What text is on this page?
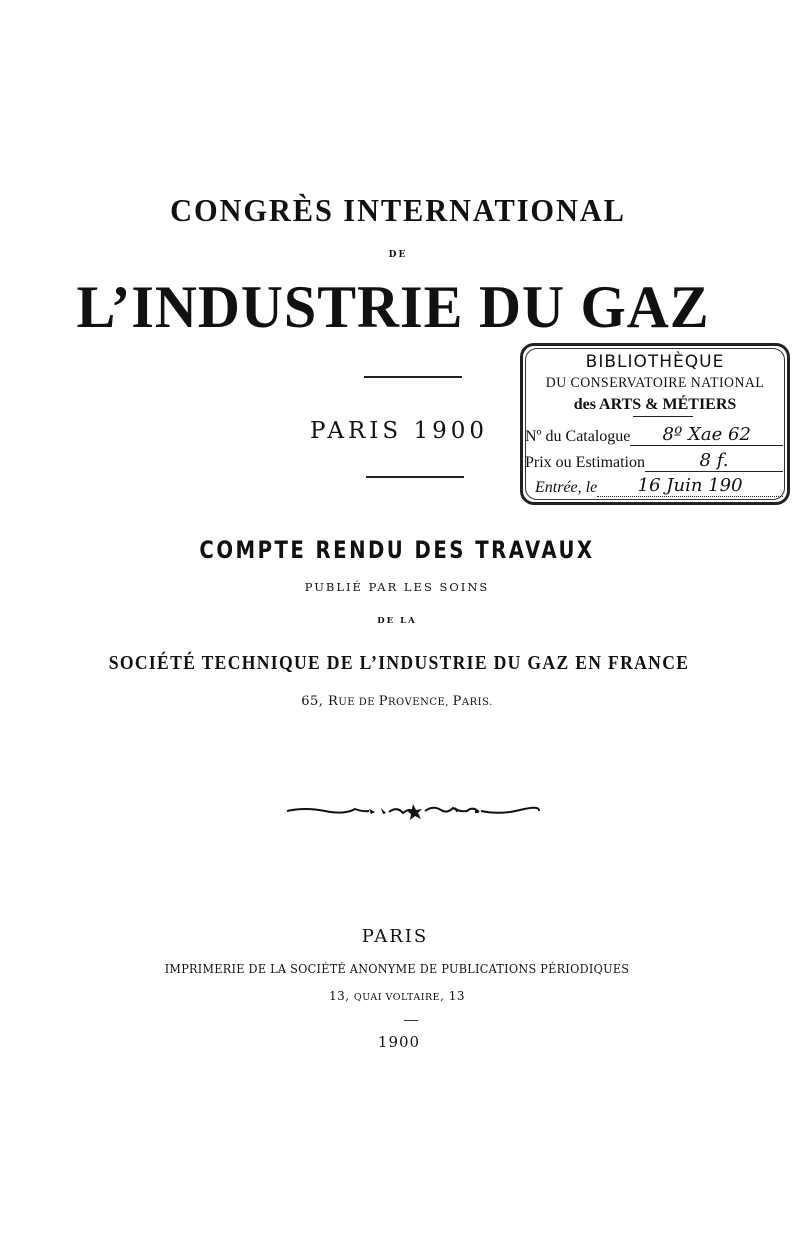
CONGRÈS INTERNATIONAL
DE
L’INDUSTRIE DU GAZ
PARIS 1900
BIBLIOTHÈQUE
DU CONSERVATOIRE NATIONAL
des ARTS & MÉTIERS
Nº du Catalogue	8º Xae 62
Prix ou Estimation	8 f.
Entrée, le	16 Juin 190
COMPTE RENDU DES TRAVAUX
PUBLIÉ PAR LES SOINS
DE LA
SOCIÉTÉ TECHNIQUE DE L’INDUSTRIE DU GAZ EN FRANCE
65, RUE DE PROVENCE, PARIS.
PARIS
IMPRIMERIE DE LA SOCIÉTÉ ANONYME DE PUBLICATIONS PÉRIODIQUES
13, QUAI VOLTAIRE, 13
1900
